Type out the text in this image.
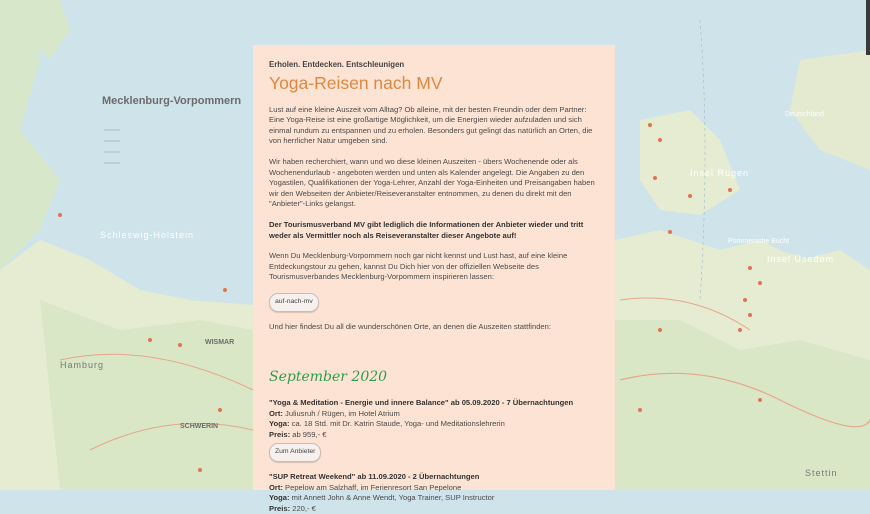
Mecklenburg-Vorpommern
Insel Rügen
Insel Usedom
Pommersche Bucht
Schleswig-Holstein
Hamburg
WISMAR
SCHWERIN
Stettin
Deutschland
Erholen. Entdecken. Entschleunigen
Yoga-Reisen nach MV

Lust auf eine kleine Auszeit vom Alltag? Ob alleine, mit der besten Freundin oder dem Partner: Eine Yoga-Reise ist eine großartige Möglichkeit, um die Energien wieder aufzuladen und sich einmal rundum zu entspannen und zu erholen. Besonders gut gelingt das natürlich an Orten, die von herrlicher Natur umgeben sind.

Wir haben recherchiert, wann und wo diese kleinen Auszeiten - übers Wochenende oder als Wochenendurlaub - angeboten werden und unten als Kalender angelegt. Die Angaben zu den Yogastilen, Qualifikationen der Yoga-Lehrer, Anzahl der Yoga-Einheiten und Preisangaben haben wir den Webseiten der Anbieter/Reiseveranstalter entnommen, zu denen du direkt mit den "Anbieter"-Links gelangst.

Der Tourismusverband MV gibt lediglich die Informationen der Anbieter wieder und tritt weder als Vermittler noch als Reiseveranstalter dieser Angebote auf!

Wenn Du Mecklenburg-Vorpommern noch gar nicht kennst und Lust hast, auf eine kleine Entdeckungstour zu gehen, kannst Du Dich hier von der offiziellen Webseite des Tourismusverbandes Mecklenburg-Vorpommern inspirieren lassen:

auf-nach-mv

Und hier findest Du all die wunderschönen Orte, an denen die Auszeiten stattfinden:

September 2020
"Yoga & Meditation - Energie und innere Balance" ab 05.09.2020 - 7 Übernachtungen
Ort: Juliusruh / Rügen, im Hotel Atrium
Yoga: ca. 18 Std. mit Dr. Katrin Staude, Yoga- und Meditationslehrerin
Preis: ab 959,- €
Zum Anbieter
"SUP Retreat Weekend" ab 11.09.2020 - 2 Übernachtungen
Ort: Pepelow am Salzhaff, im Ferienresort San Pepelone
Yoga: mit Annett John & Anne Wendt, Yoga Trainer, SUP Instructor
Preis: 220,- €
